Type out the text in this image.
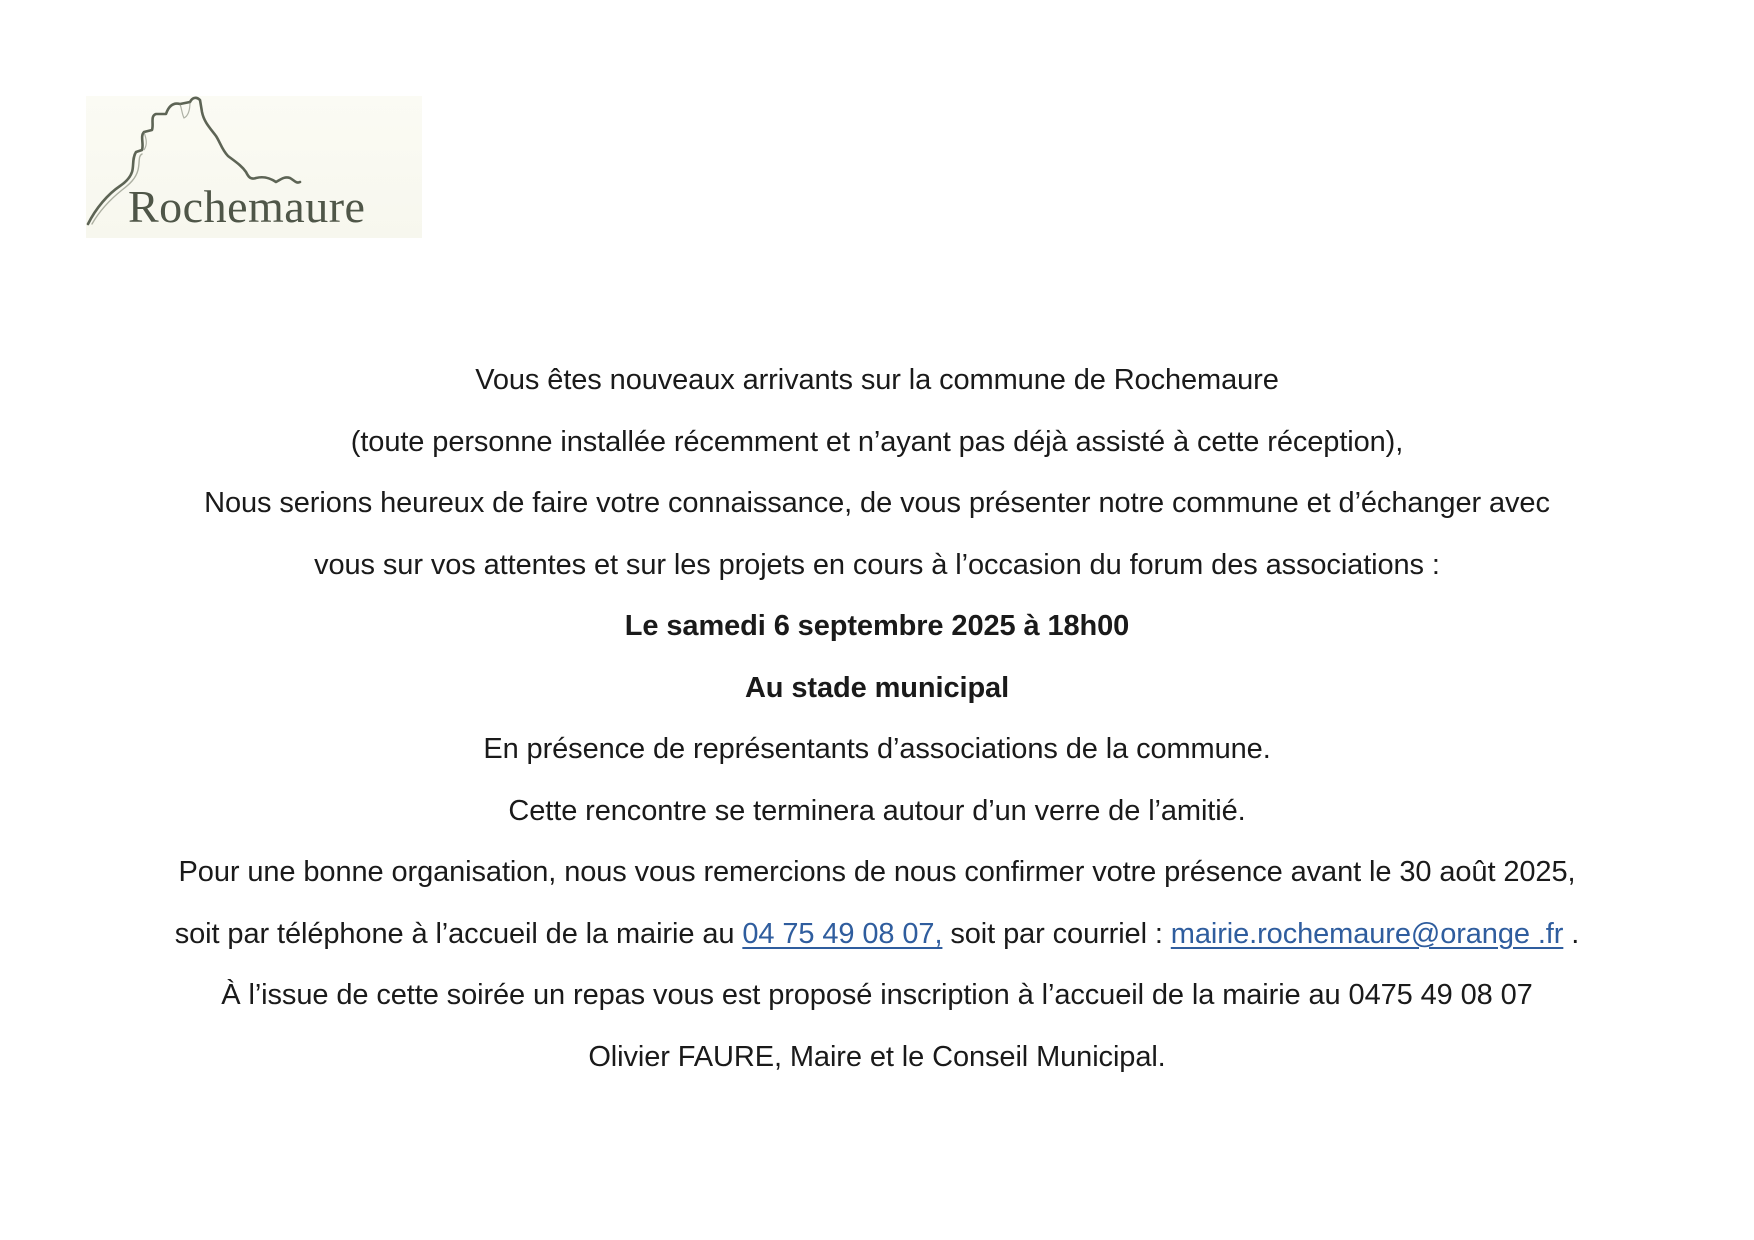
Rochemaure
Vous êtes nouveaux arrivants sur la commune de Rochemaure
(toute personne installée récemment et n’ayant pas déjà assisté à cette réception),
Nous serions heureux de faire votre connaissance, de vous présenter notre commune et d’échanger avec
vous sur vos attentes et sur les projets en cours à l’occasion du forum des associations :
Le samedi 6 septembre 2025 à 18h00
Au stade municipal
En présence de représentants d’associations de la commune.
Cette rencontre se terminera autour d’un verre de l’amitié.
Pour une bonne organisation, nous vous remercions de nous confirmer votre présence avant le 30 août 2025,
soit par téléphone à l’accueil de la mairie au 04 75 49 08 07, soit par courriel : mairie.rochemaure@orange .fr .
À l’issue de cette soirée un repas vous est proposé inscription à l’accueil de la mairie au 0475 49 08 07
Olivier FAURE, Maire et le Conseil Municipal.
